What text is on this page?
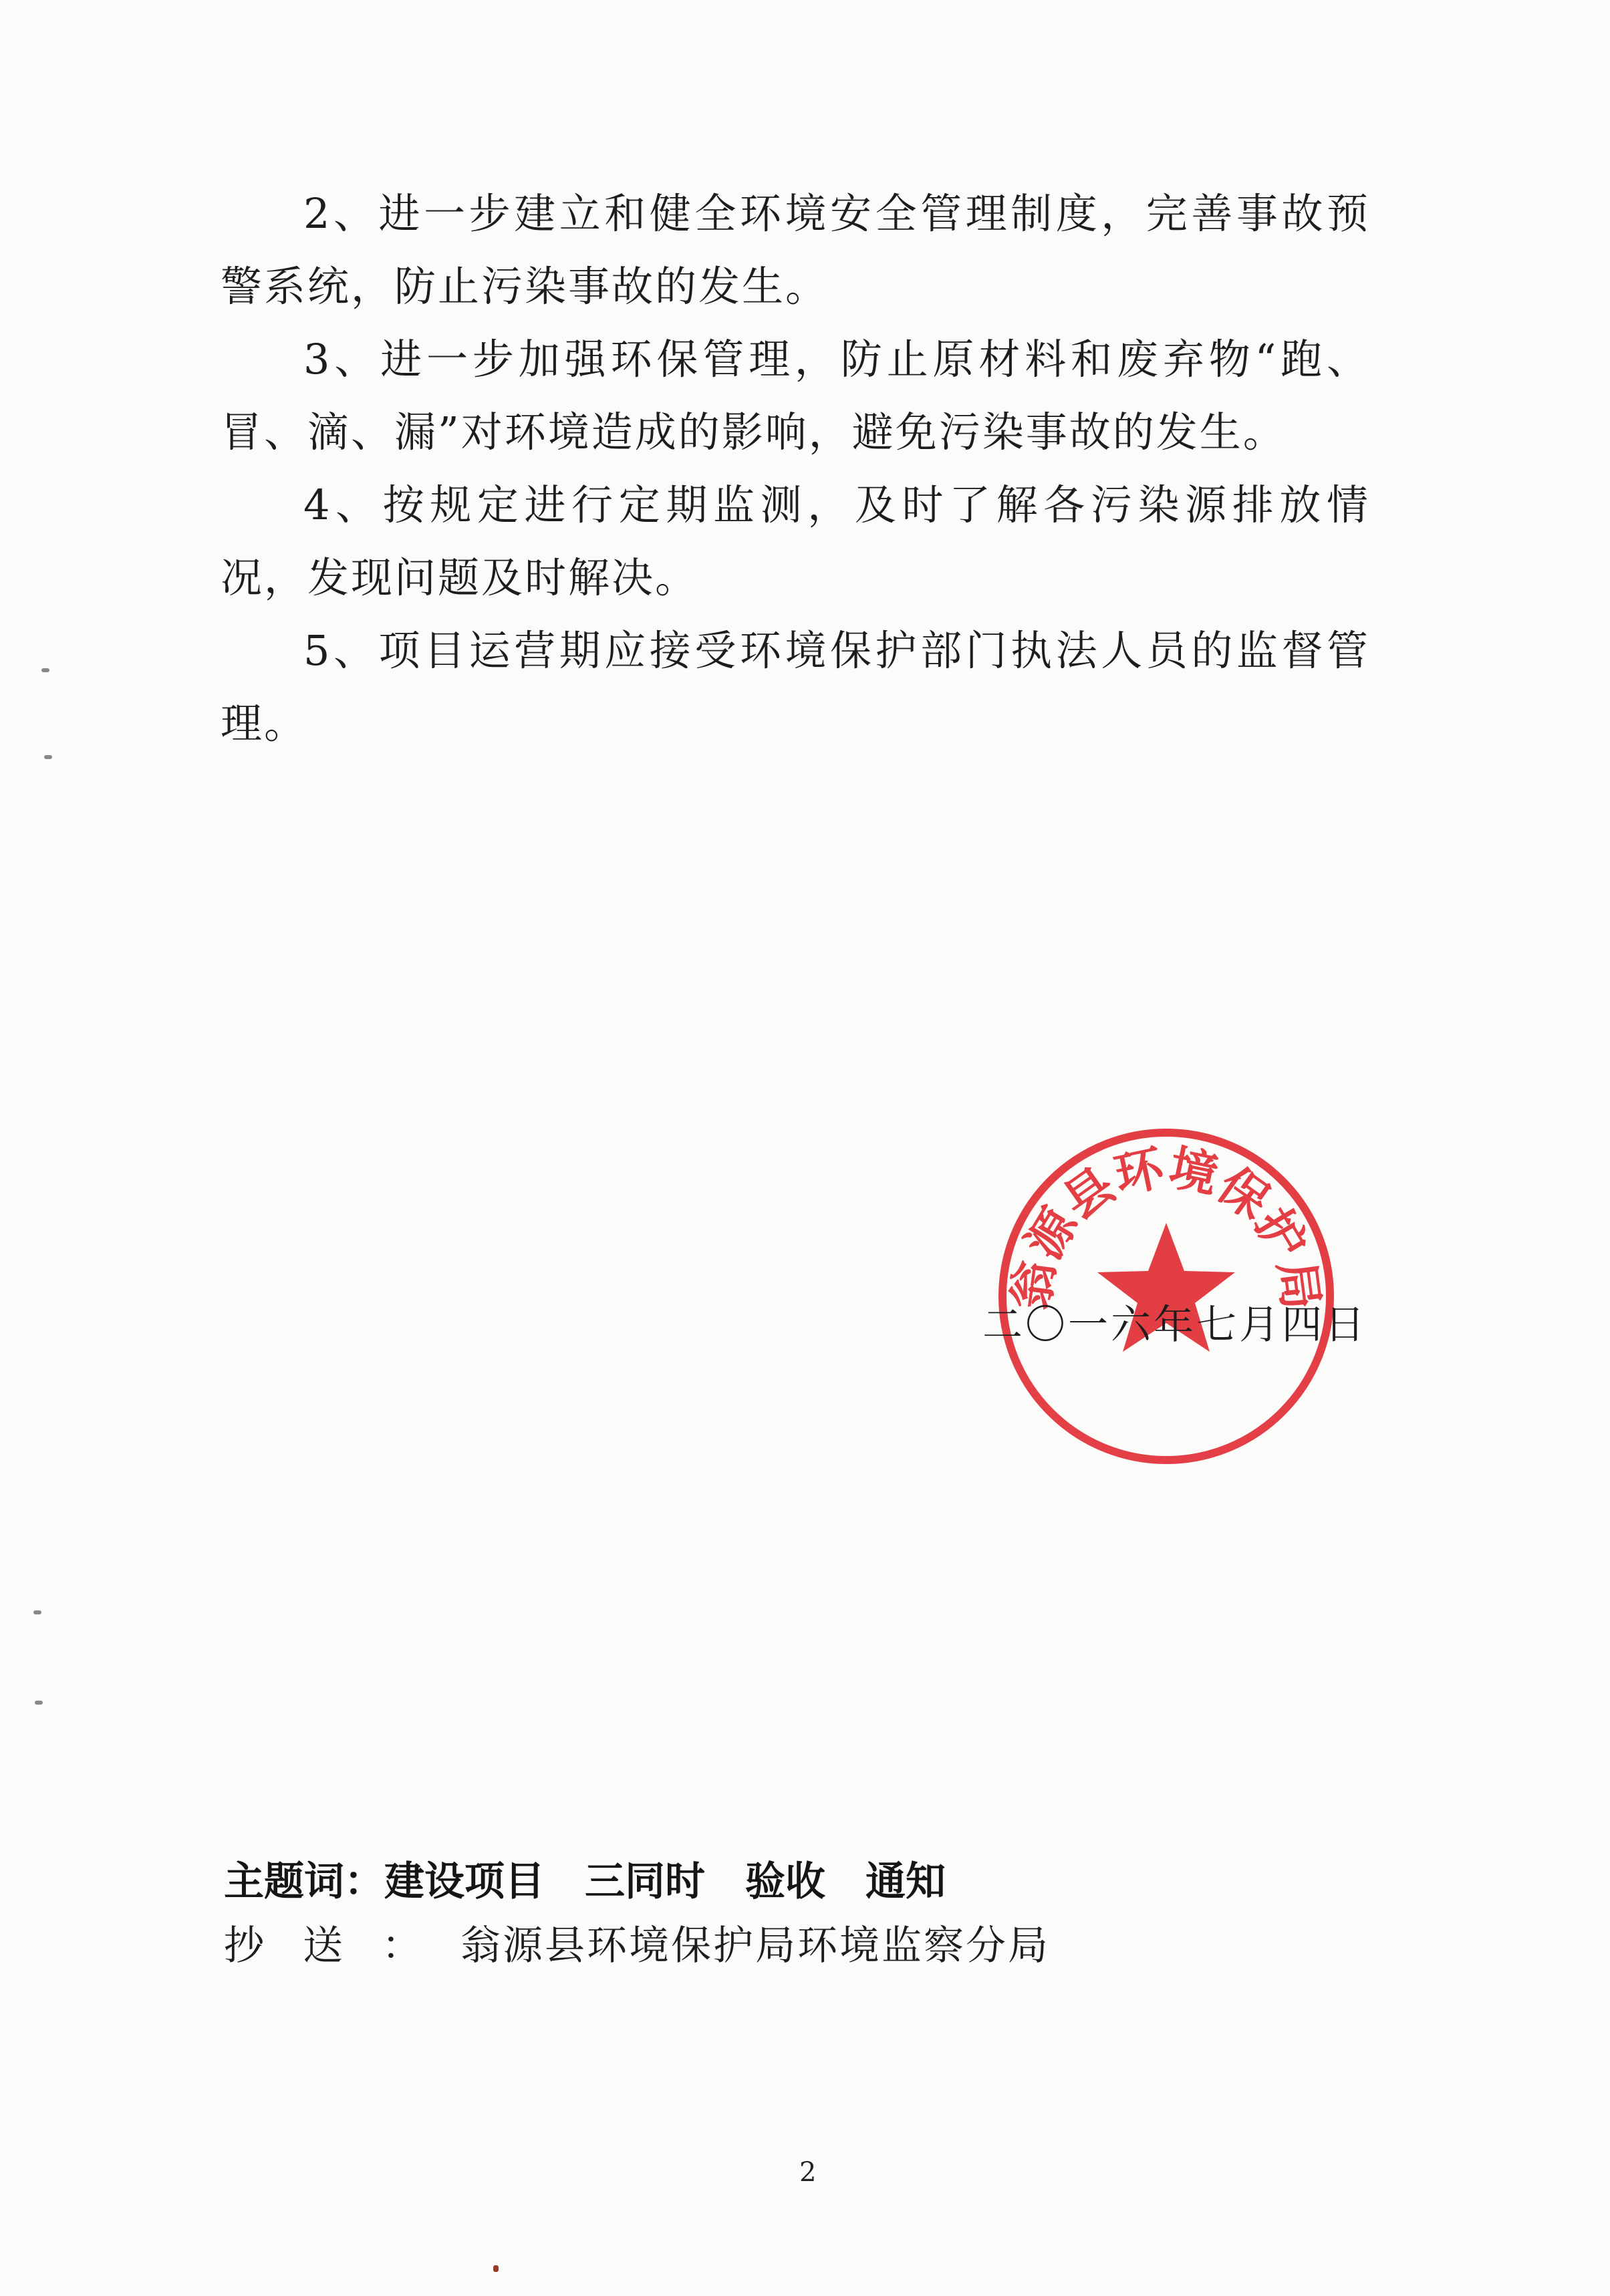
2、进一步建立和健全环境安全管理制度，完善事故预警系统，防止污染事故的发生。

3、进一步加强环保管理，防止原材料和废弃物“跑、冒、滴、漏”对环境造成的影响，避免污染事故的发生。

4、按规定进行定期监测，及时了解各污染源排放情况，发现问题及时解决。

5、项目运营期应接受环境保护部门执法人员的监督管理。

翁源县环境保护局
二〇一六年七月四日
主题词：建设项目 三同时 验收 通知
抄送：翁源县环境保护局环境监察分局
2
